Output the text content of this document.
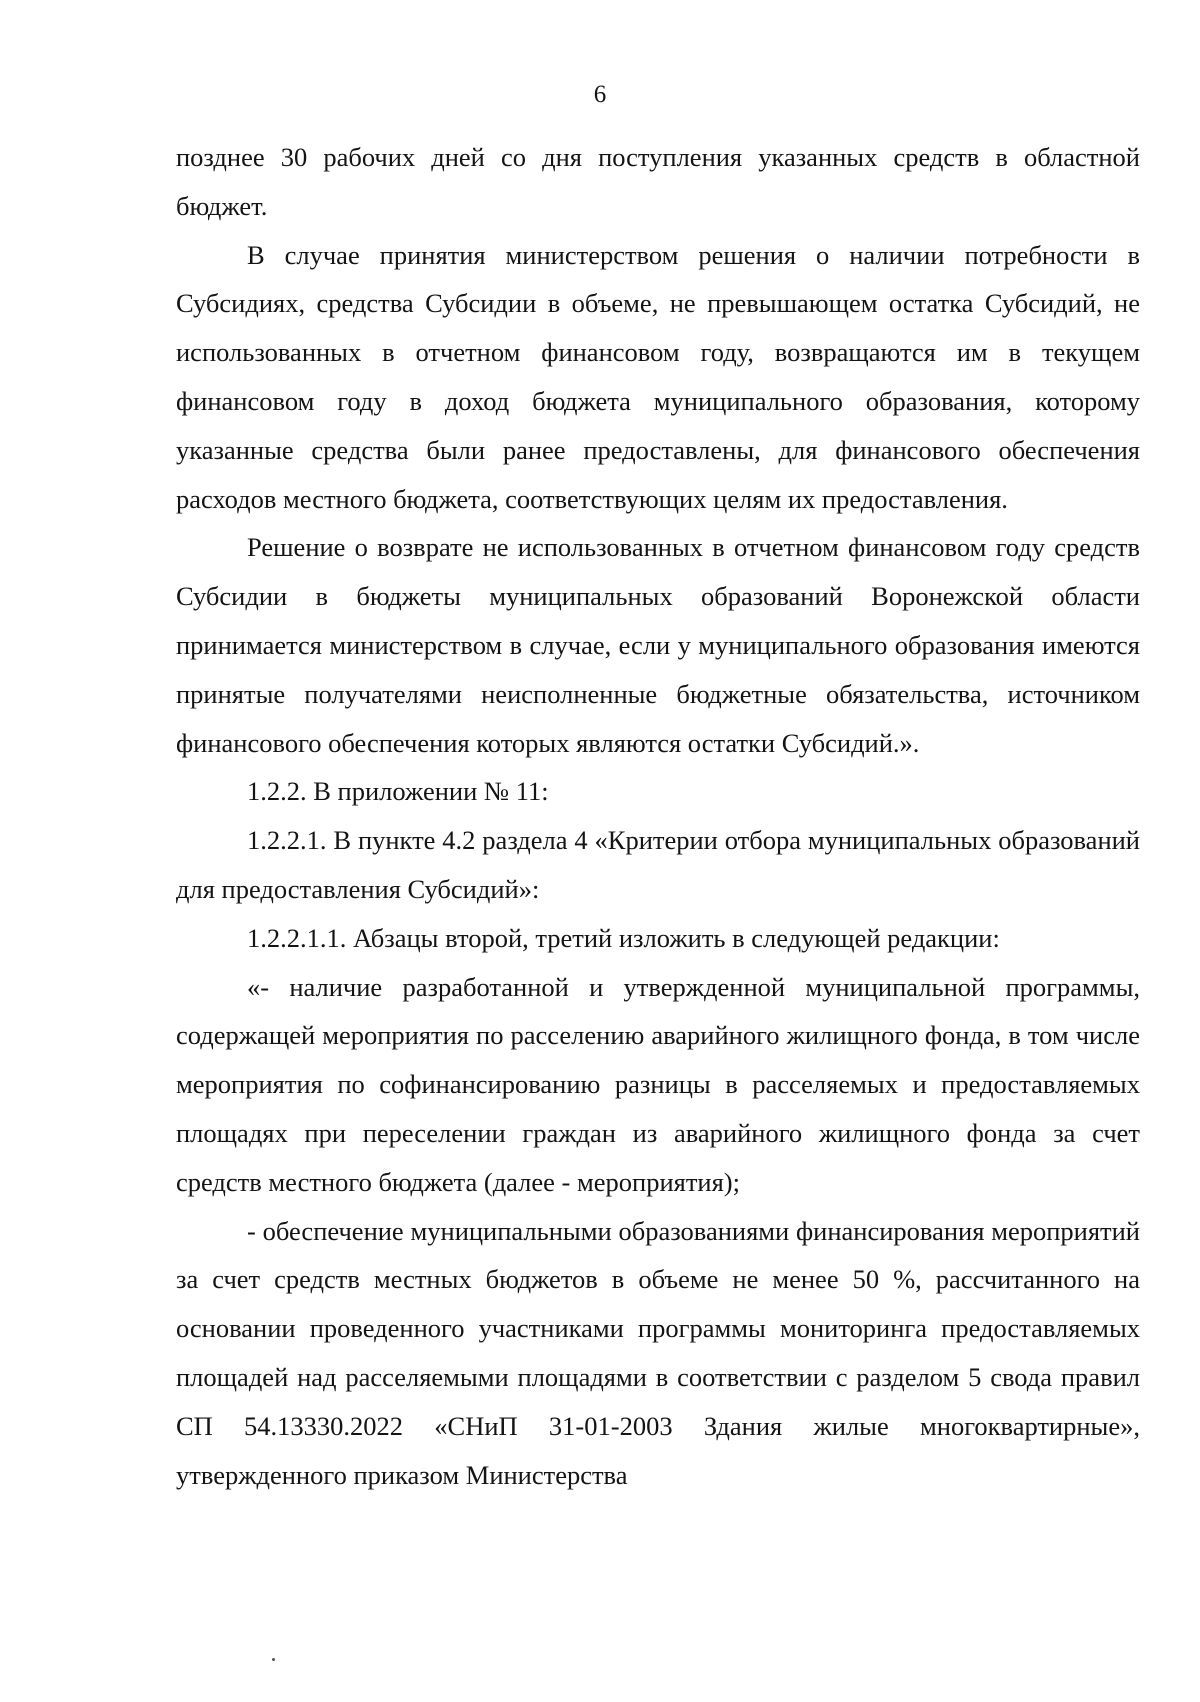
6

позднее 30 рабочих дней со дня поступления указанных средств в областной бюджет.

В случае принятия министерством решения о наличии потребности в Субсидиях, средства Субсидии в объеме, не превышающем остатка Субсидий, не использованных в отчетном финансовом году, возвращаются им в текущем финансовом году в доход бюджета муниципального образования, которому указанные средства были ранее предоставлены, для финансового обеспечения расходов местного бюджета, соответствующих целям их предоставления.

Решение о возврате не использованных в отчетном финансовом году средств Субсидии в бюджеты муниципальных образований Воронежской области принимается министерством в случае, если у муниципального образования имеются принятые получателями неисполненные бюджетные обязательства, источником финансового обеспечения которых являются остатки Субсидий.».

1.2.2. В приложении № 11:

1.2.2.1. В пункте 4.2 раздела 4 «Критерии отбора муниципальных образований для предоставления Субсидий»:

1.2.2.1.1. Абзацы второй, третий изложить в следующей редакции:

«- наличие разработанной и утвержденной муниципальной программы, содержащей мероприятия по расселению аварийного жилищного фонда, в том числе мероприятия по софинансированию разницы в расселяемых и предоставляемых площадях при переселении граждан из аварийного жилищного фонда за счет средств местного бюджета (далее - мероприятия);

- обеспечение муниципальными образованиями финансирования мероприятий за счет средств местных бюджетов в объеме не менее 50 %, рассчитанного на основании проведенного участниками программы мониторинга предоставляемых площадей над расселяемыми площадями в соответствии с разделом 5 свода правил СП 54.13330.2022 «СНиП 31-01-2003 Здания жилые многоквартирные», утвержденного приказом Министерства
